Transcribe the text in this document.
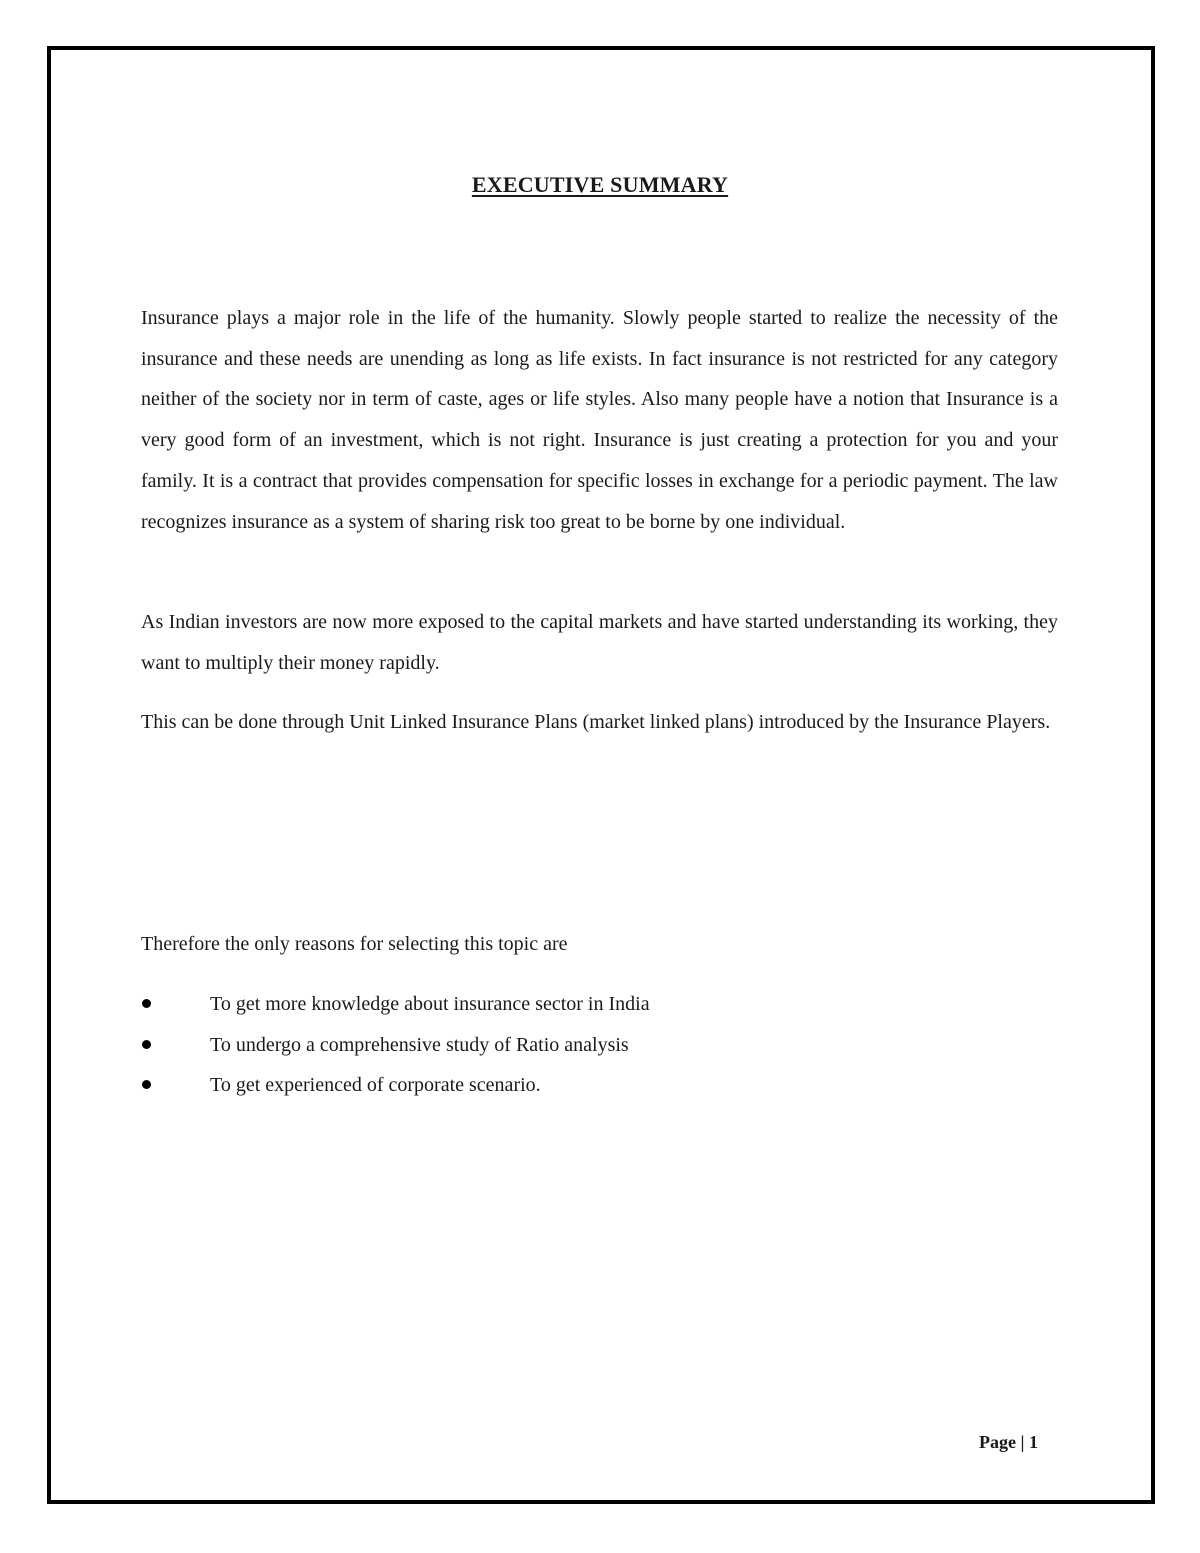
EXECUTIVE SUMMARY

Insurance plays a major role in the life of the humanity. Slowly people started to realize the necessity of the insurance and these needs are unending as long as life exists. In fact insurance is not restricted for any category neither of the society nor in term of caste, ages or life styles. Also many people have a notion that Insurance is a very good form of an investment, which is not right. Insurance is just creating a protection for you and your family. It is a contract that provides compensation for specific losses in exchange for a periodic payment. The law recognizes insurance as a system of sharing risk too great to be borne by one individual.

As Indian investors are now more exposed to the capital markets and have started understanding its working, they want to multiply their money rapidly.

This can be done through Unit Linked Insurance Plans (market linked plans) introduced by the Insurance Players.

Therefore the only reasons for selecting this topic are

To get more knowledge about insurance sector in India
To undergo a comprehensive study of Ratio analysis
To get experienced of corporate scenario.
Page | 1
